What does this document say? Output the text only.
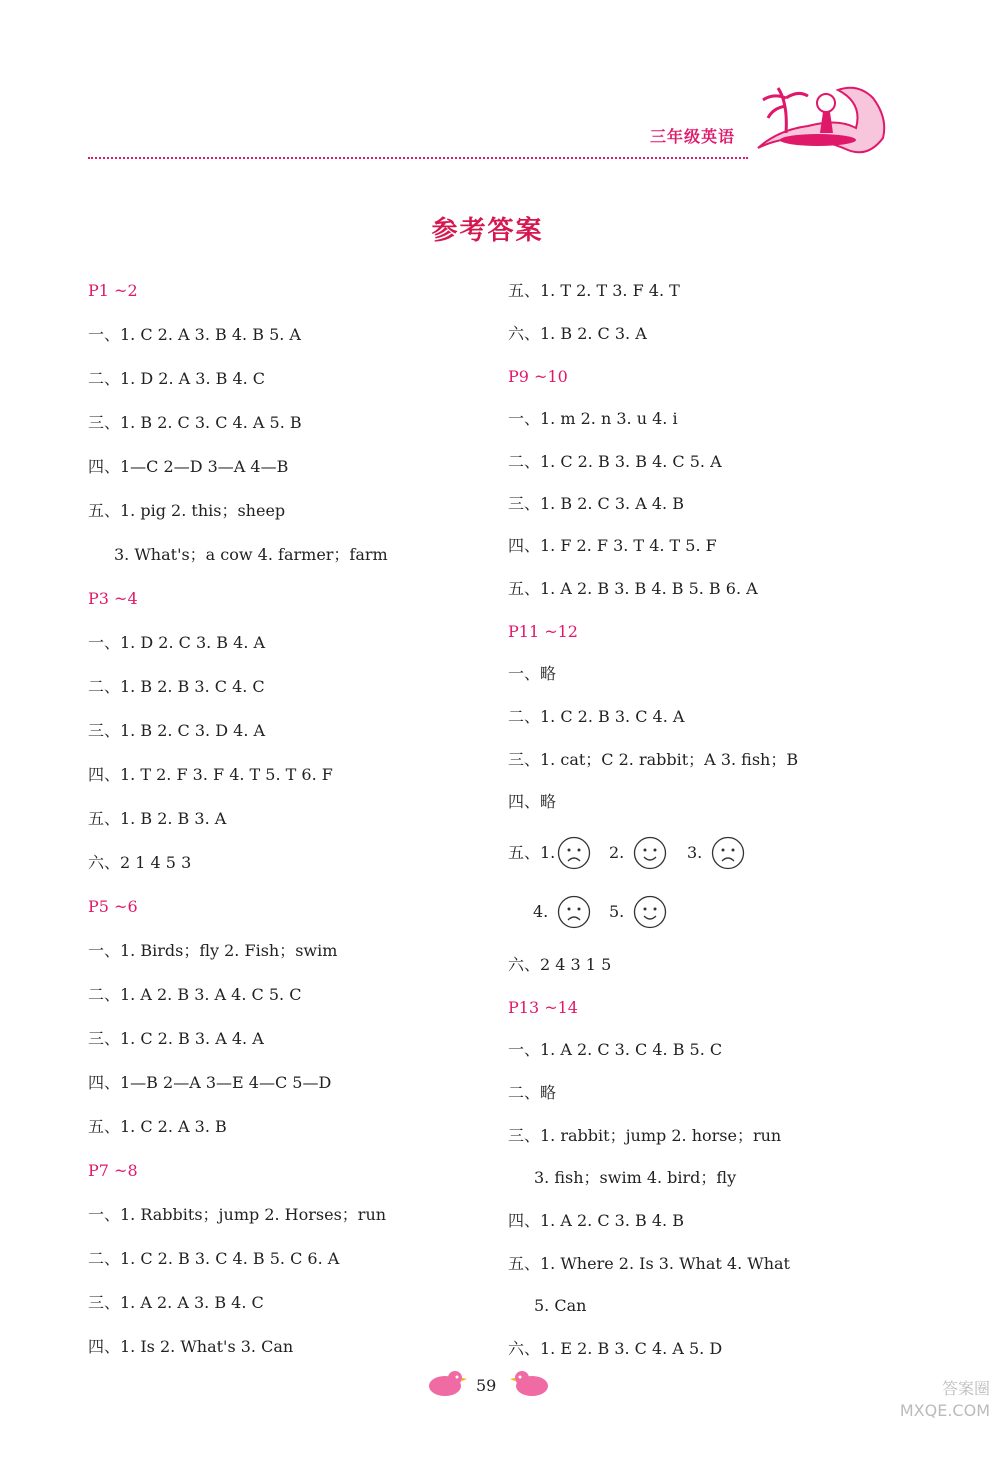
三年级英语
参考答案
P1 ~2
一、1. C 2. A 3. B 4. B 5. A
二、1. D 2. A 3. B 4. C
三、1. B 2. C 3. C 4. A 5. B
四、1—C 2—D 3—A 4—B
五、1. pig 2. this；sheep
3. What's；a cow 4. farmer；farm
P3 ~4
一、1. D 2. C 3. B 4. A
二、1. B 2. B 3. C 4. C
三、1. B 2. C 3. D 4. A
四、1. T 2. F 3. F 4. T 5. T 6. F
五、1. B 2. B 3. A
六、2 1 4 5 3
P5 ~6
一、1. Birds；fly 2. Fish；swim
二、1. A 2. B 3. A 4. C 5. C
三、1. C 2. B 3. A 4. A
四、1—B 2—A 3—E 4—C 5—D
五、1. C 2. A 3. B
P7 ~8
一、1. Rabbits；jump 2. Horses；run
二、1. C 2. B 3. C 4. B 5. C 6. A
三、1. A 2. A 3. B 4. C
四、1. Is 2. What's 3. Can
五、1. T 2. T 3. F 4. T
六、1. B 2. C 3. A
P9 ~10
一、1. m 2. n 3. u 4. i
二、1. C 2. B 3. B 4. C 5. A
三、1. B 2. C 3. A 4. B
四、1. F 2. F 3. T 4. T 5. F
五、1. A 2. B 3. B 4. B 5. B 6. A
P11 ~12
一、略
二、1. C 2. B 3. C 4. A
三、1. cat；C 2. rabbit；A 3. fish；B
四、略
六、2 4 3 1 5
P13 ~14
一、1. A 2. C 3. C 4. B 5. C
二、略
三、1. rabbit；jump 2. horse；run
3. fish；swim 4. bird；fly
四、1. A 2. C 3. B 4. B
五、1. Where 2. Is 3. What 4. What
5. Can
六、1. E 2. B 3. C 4. A 5. D
五、1.	2.	3.
4.	5.
59	答案圈
MXQE.COM
